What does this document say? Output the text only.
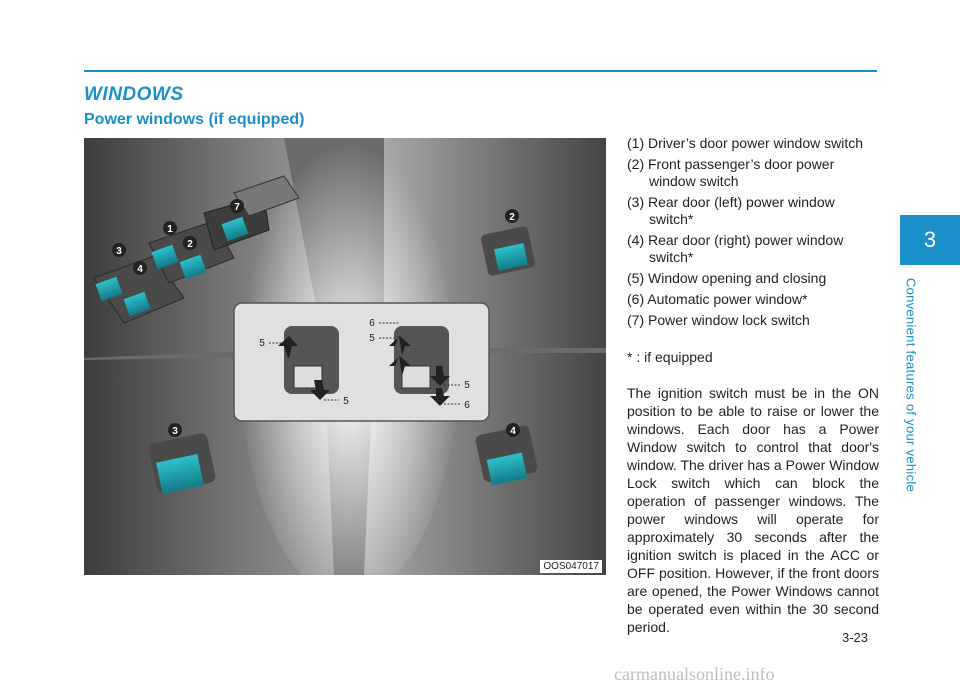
WINDOWS
Power windows (if equipped)
3
4
1
2
7
2
3	4
5
5
6
5
5
6
OOS047017
(1) Driver’s door power window switch
(2) Front passenger’s door power window switch
(3) Rear door (left) power window switch*
(4) Rear door (right) power window switch*
(5) Window opening and closing
(6) Automatic power window*
(7) Power window lock switch
* : if equipped

The ignition switch must be in the ON position to be able to raise or lower the windows. Each door has a Power Window switch to control that door's window. The driver has a Power Window Lock switch which can block the operation of passenger windows. The power windows will operate for approximately 30 seconds after the ignition switch is placed in the ACC or OFF position. However, if the front doors are opened, the Power Windows cannot be operated even within the 30 second period.

3
Convenient features of your vehicle
3-23
carmanualsonline.info
